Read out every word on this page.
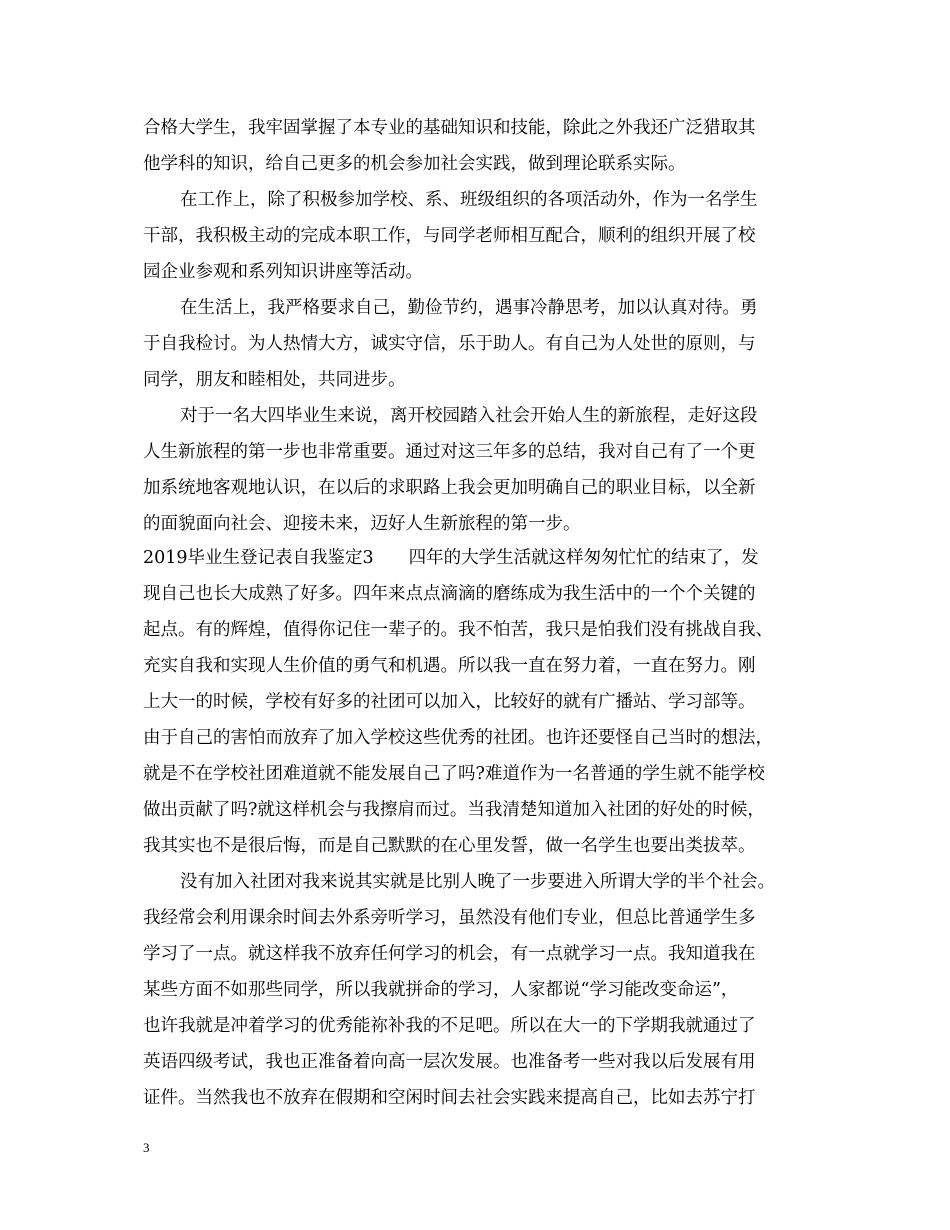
合格大学生，我牢固掌握了本专业的基础知识和技能，除此之外我还广泛猎取其
他学科的知识，给自己更多的机会参加社会实践，做到理论联系实际。
在工作上，除了积极参加学校、系、班级组织的各项活动外，作为一名学生
干部，我积极主动的完成本职工作，与同学老师相互配合，顺利的组织开展了校
园企业参观和系列知识讲座等活动。
在生活上，我严格要求自己，勤俭节约，遇事冷静思考，加以认真对待。勇
于自我检讨。为人热情大方，诚实守信，乐于助人。有自己为人处世的原则，与
同学，朋友和睦相处，共同进步。
对于一名大四毕业生来说，离开校园踏入社会开始人生的新旅程，走好这段
人生新旅程的第一步也非常重要。通过对这三年多的总结，我对自己有了一个更
加系统地客观地认识，在以后的求职路上我会更加明确自己的职业目标，以全新
的面貌面向社会、迎接未来，迈好人生新旅程的第一步。
2019毕业生登记表自我鉴定3　　四年的大学生活就这样匆匆忙忙的结束了，发
现自己也长大成熟了好多。四年来点点滴滴的磨练成为我生活中的一个个关键的
起点。有的辉煌，值得你记住一辈子的。我不怕苦，我只是怕我们没有挑战自我、
充实自我和实现人生价值的勇气和机遇。所以我一直在努力着，一直在努力。刚
上大一的时候，学校有好多的社团可以加入，比较好的就有广播站、学习部等。
由于自己的害怕而放弃了加入学校这些优秀的社团。也许还要怪自己当时的想法，
就是不在学校社团难道就不能发展自己了吗?难道作为一名普通的学生就不能学校
做出贡献了吗?就这样机会与我擦肩而过。当我清楚知道加入社团的好处的时候，
我其实也不是很后悔，而是自己默默的在心里发誓，做一名学生也要出类拔萃。
没有加入社团对我来说其实就是比别人晚了一步要进入所谓大学的半个社会。
我经常会利用课余时间去外系旁听学习，虽然没有他们专业，但总比普通学生多
学习了一点。就这样我不放弃任何学习的机会，有一点就学习一点。我知道我在
某些方面不如那些同学，所以我就拼命的学习，人家都说“学习能改变命运”，
也许我就是冲着学习的优秀能祢补我的不足吧。所以在大一的下学期我就通过了
英语四级考试，我也正准备着向高一层次发展。也准备考一些对我以后发展有用
证件。当然我也不放弃在假期和空闲时间去社会实践来提高自己，比如去苏宁打
3
